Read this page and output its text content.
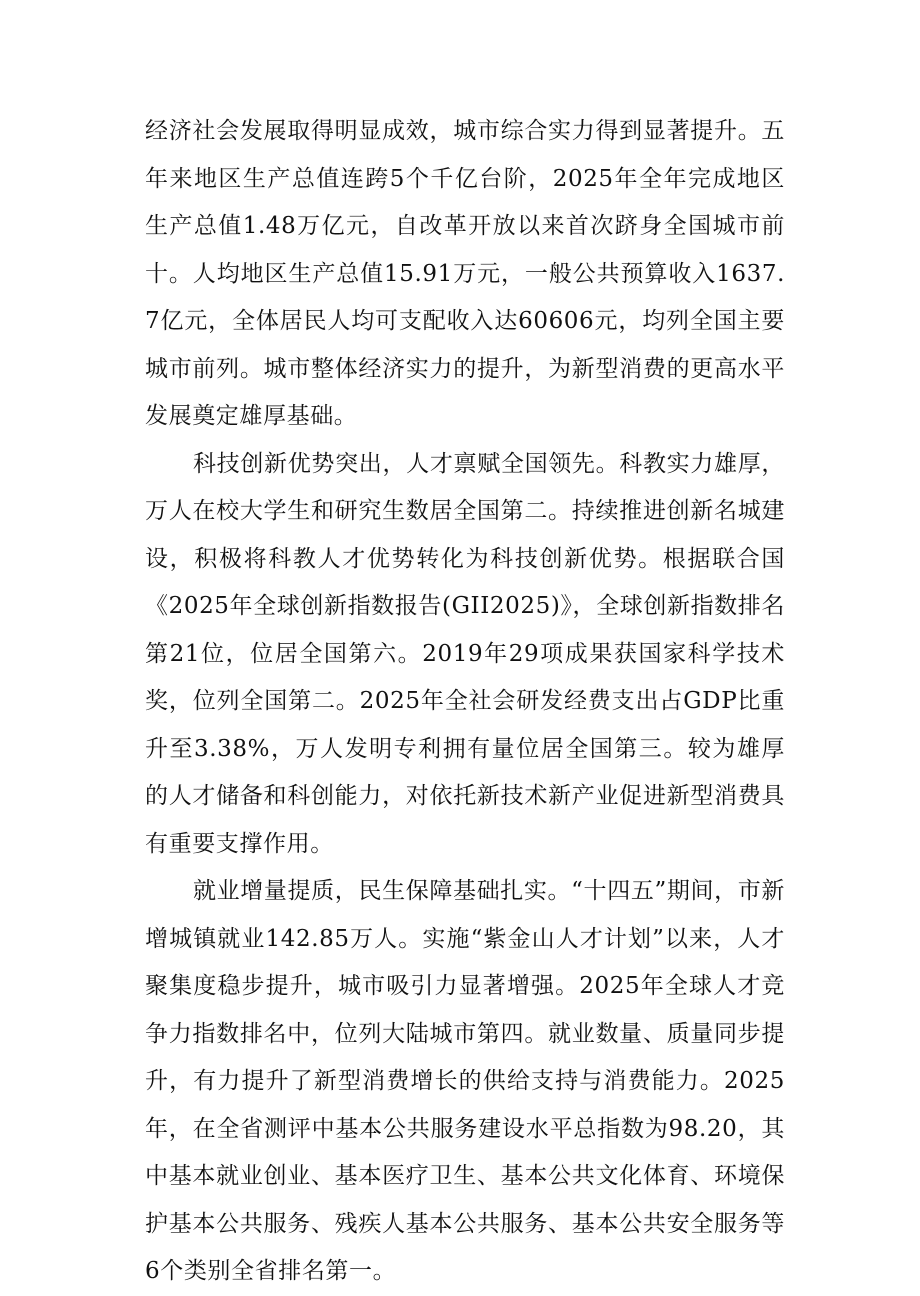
经济社会发展取得明显成效，城市综合实力得到显著提升。五年来地区生产总值连跨5个千亿台阶，2025年全年完成地区生产总值1.48万亿元，自改革开放以来首次跻身全国城市前十。人均地区生产总值15.91万元，一般公共预算收入1637.7亿元，全体居民人均可支配收入达60606元，均列全国主要城市前列。城市整体经济实力的提升，为新型消费的更高水平发展奠定雄厚基础。

科技创新优势突出，人才禀赋全国领先。科教实力雄厚，万人在校大学生和研究生数居全国第二。持续推进创新名城建设，积极将科教人才优势转化为科技创新优势。根据联合国《2025年全球创新指数报告(GII2025)》，全球创新指数排名第21位，位居全国第六。2019年29项成果获国家科学技术奖，位列全国第二。2025年全社会研发经费支出占GDP比重升至3.38%，万人发明专利拥有量位居全国第三。较为雄厚的人才储备和科创能力，对依托新技术新产业促进新型消费具有重要支撑作用。

就业增量提质，民生保障基础扎实。“十四五”期间，市新增城镇就业142.85万人。实施“紫金山人才计划”以来，人才聚集度稳步提升，城市吸引力显著增强。2025年全球人才竞争力指数排名中，位列大陆城市第四。就业数量、质量同步提升，有力提升了新型消费增长的供给支持与消费能力。2025年，在全省测评中基本公共服务建设水平总指数为98.20，其中基本就业创业、基本医疗卫生、基本公共文化体育、环境保护基本公共服务、残疾人基本公共服务、基本公共安全服务等6个类别全省排名第一。
